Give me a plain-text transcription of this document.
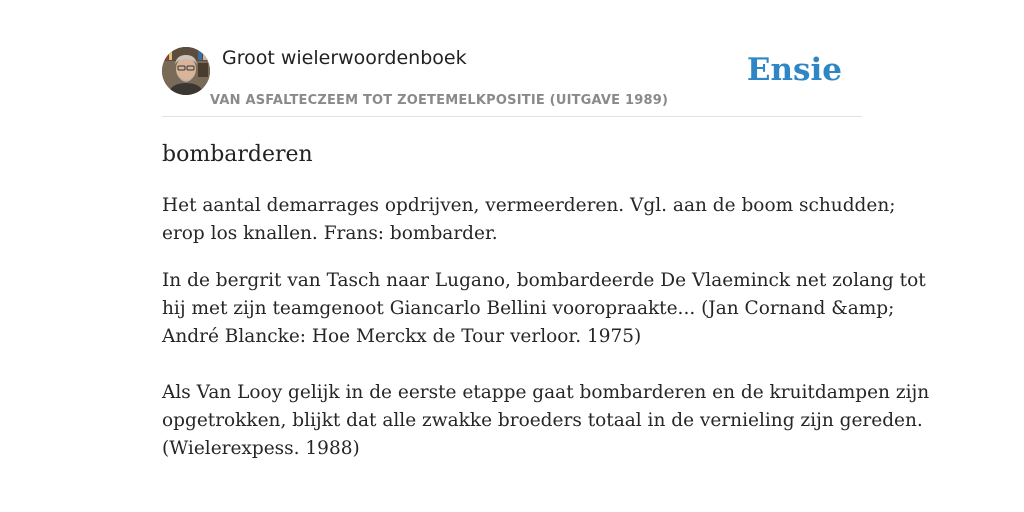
Groot wielerwoordenboek
VAN ASFALTECZEEM TOT ZOETEMELKPOSITIE (UITGAVE 1989)
Ensie
bombarderen

Het aantal demarrages opdrijven, vermeerderen. Vgl. aan de boom schudden;
erop los knallen. Frans: bombarder.

In de bergrit van Tasch naar Lugano, bombardeerde De Vlaeminck net zolang tot
hij met zijn teamgenoot Giancarlo Bellini vooropraakte... (Jan Cornand &amp;
André Blancke: Hoe Merckx de Tour verloor. 1975)

Als Van Looy gelijk in de eerste etappe gaat bombarderen en de kruitdampen zijn
opgetrokken, blijkt dat alle zwakke broeders totaal in de vernieling zijn gereden.
(Wielerexpess. 1988)
